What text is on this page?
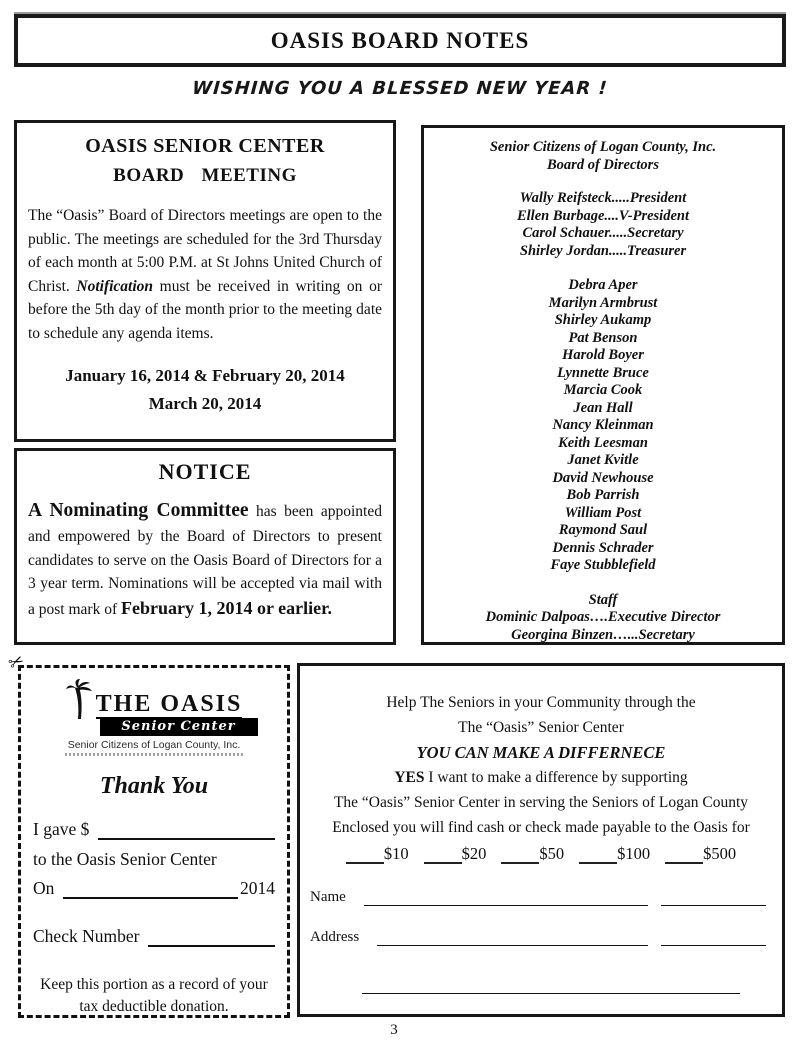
OASIS BOARD NOTES
WISHING YOU A BLESSED NEW YEAR !
OASIS SENIOR CENTER
BOARD MEETING

The “Oasis” Board of Directors meetings are open to the public. The meetings are scheduled for the 3rd Thursday of each month at 5:00 P.M. at St Johns United Church of Christ. Notification must be received in writing on or before the 5th day of the month prior to the meeting date to schedule any agenda items.

January 16, 2014 & February 20, 2014
March 20, 2014
NOTICE

A Nominating Committee has been appointed and empowered by the Board of Directors to present candidates to serve on the Oasis Board of Directors for a 3 year term. Nominations will be accepted via mail with a post mark of February 1, 2014 or earlier.

Senior Citizens of Logan County, Inc.
Board of Directors
Wally Reifsteck.....President
Ellen Burbage....V-President
Carol Schauer.....Secretary
Shirley Jordan.....Treasurer
Debra Aper
Marilyn Armbrust
Shirley Aukamp
Pat Benson
Harold Boyer
Lynnette Bruce
Marcia Cook
Jean Hall
Nancy Kleinman
Keith Leesman
Janet Kvitle
David Newhouse
Bob Parrish
William Post
Raymond Saul
Dennis Schrader
Faye Stubblefield
Staff
Dominic Dalpoas….Executive Director
Georgina Binzen…...Secretary
✂
THE OASIS
Senior Center
Senior Citizens of Logan County, Inc.
Thank You
I gave $
to the Oasis Senior Center
On	2014
Check Number
Keep this portion as a record of your
tax deductible donation.
Help The Seniors in your Community through the
The “Oasis” Senior Center
YOU CAN MAKE A DIFFERNECE
YES I want to make a difference by supporting
The “Oasis” Senior Center in serving the Seniors of Logan County
Enclosed you will find cash or check made payable to the Oasis for
$10	$20	$50	$100	$500
Name
Address
3
